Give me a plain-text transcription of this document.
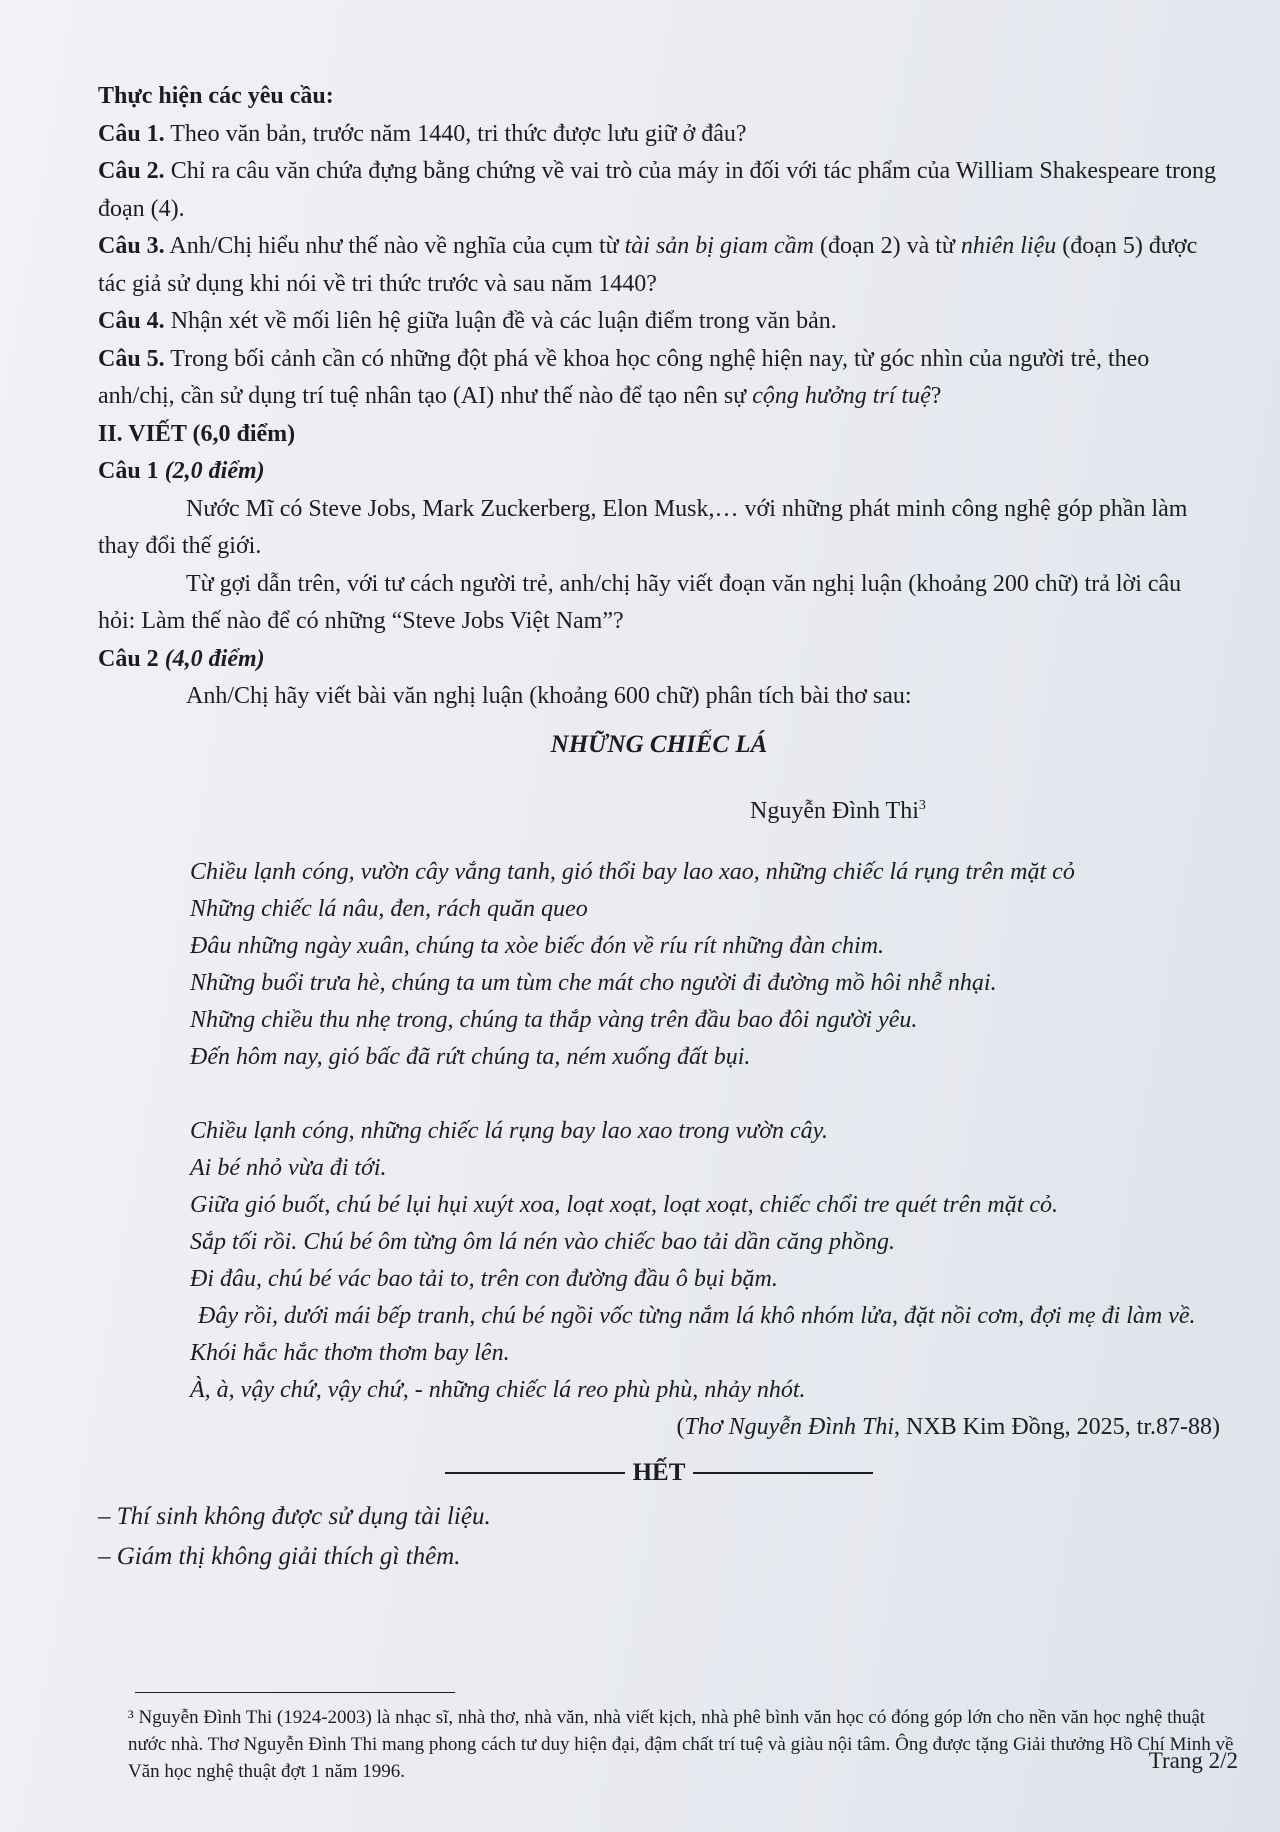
Thực hiện các yêu cầu:

Câu 1. Theo văn bản, trước năm 1440, tri thức được lưu giữ ở đâu?

Câu 2. Chỉ ra câu văn chứa đựng bằng chứng về vai trò của máy in đối với tác phẩm của William Shakespeare trong đoạn (4).

Câu 3. Anh/Chị hiểu như thế nào về nghĩa của cụm từ tài sản bị giam cầm (đoạn 2) và từ nhiên liệu (đoạn 5) được tác giả sử dụng khi nói về tri thức trước và sau năm 1440?

Câu 4. Nhận xét về mối liên hệ giữa luận đề và các luận điểm trong văn bản.

Câu 5. Trong bối cảnh cần có những đột phá về khoa học công nghệ hiện nay, từ góc nhìn của người trẻ, theo anh/chị, cần sử dụng trí tuệ nhân tạo (AI) như thế nào để tạo nên sự cộng hưởng trí tuệ?

II. VIẾT (6,0 điểm)

Câu 1 (2,0 điểm)

Nước Mĩ có Steve Jobs, Mark Zuckerberg, Elon Musk,… với những phát minh công nghệ góp phần làm thay đổi thế giới.

Từ gợi dẫn trên, với tư cách người trẻ, anh/chị hãy viết đoạn văn nghị luận (khoảng 200 chữ) trả lời câu hỏi: Làm thế nào để có những “Steve Jobs Việt Nam”?

Câu 2 (4,0 điểm)

Anh/Chị hãy viết bài văn nghị luận (khoảng 600 chữ) phân tích bài thơ sau:

NHỮNG CHIẾC LÁ

Nguyễn Đình Thi$^3$

Chiều lạnh cóng, vườn cây vắng tanh, gió thổi bay lao xao, những chiếc lá rụng trên mặt cỏ

Những chiếc lá nâu, đen, rách quăn queo

Đâu những ngày xuân, chúng ta xòe biếc đón về ríu rít những đàn chim.

Những buổi trưa hè, chúng ta um tùm che mát cho người đi đường mồ hôi nhễ nhại.

Những chiều thu nhẹ trong, chúng ta thắp vàng trên đầu bao đôi người yêu.

Đến hôm nay, gió bấc đã rứt chúng ta, ném xuống đất bụi.

Chiều lạnh cóng, những chiếc lá rụng bay lao xao trong vườn cây.

Ai bé nhỏ vừa đi tới.

Giữa gió buốt, chú bé lụi hụi xuýt xoa, loạt xoạt, loạt xoạt, chiếc chổi tre quét trên mặt cỏ.

Sắp tối rồi. Chú bé ôm từng ôm lá nén vào chiếc bao tải dần căng phồng.

Đi đâu, chú bé vác bao tải to, trên con đường đầu ô bụi bặm.

Đây rồi, dưới mái bếp tranh, chú bé ngồi vốc từng nắm lá khô nhóm lửa, đặt nồi cơm, đợi mẹ đi làm về.

Khói hắc hắc thơm thơm bay lên.

À, à, vậy chứ, vậy chứ, - những chiếc lá reo phù phù, nhảy nhót.

(Thơ Nguyễn Đình Thi, NXB Kim Đồng, 2025, tr.87-88)

HẾT

– Thí sinh không được sử dụng tài liệu.

– Giám thị không giải thích gì thêm.

³ Nguyễn Đình Thi (1924-2003) là nhạc sĩ, nhà thơ, nhà văn, nhà viết kịch, nhà phê bình văn học có đóng góp lớn cho nền văn học nghệ thuật nước nhà. Thơ Nguyễn Đình Thi mang phong cách tư duy hiện đại, đậm chất trí tuệ và giàu nội tâm. Ông được tặng Giải thưởng Hồ Chí Minh về Văn học nghệ thuật đợt 1 năm 1996.	Trang 2/2
